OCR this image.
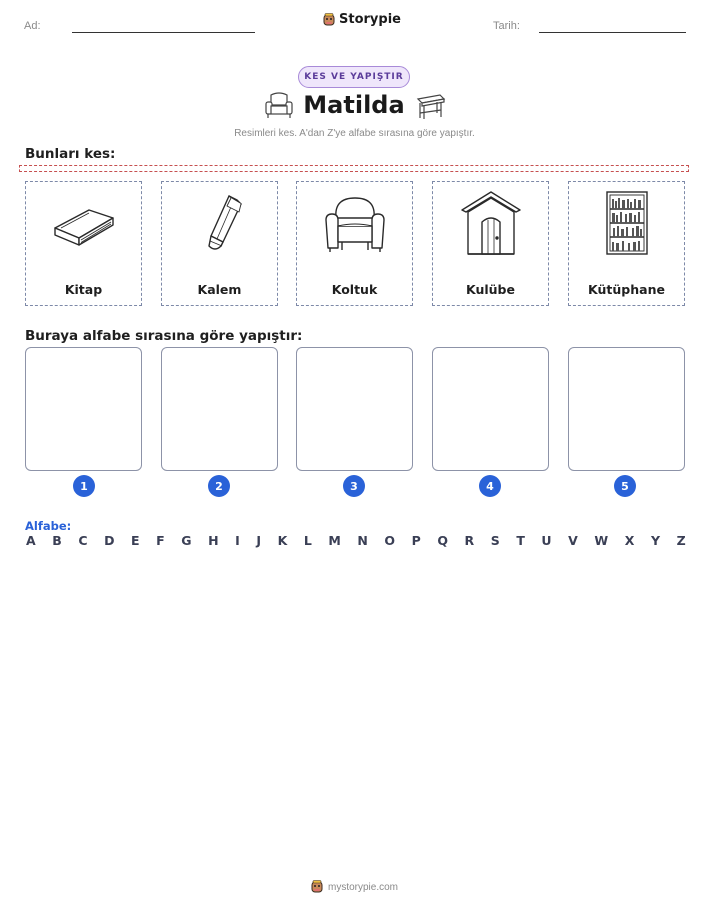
Ad:	Storypie	Tarih:
KES VE YAPIŞTIR
Matilda
Resimleri kes. A'dan Z'ye alfabe sırasına göre yapıştır.
Bunları kes:
Kitap	Kalem	Koltuk	Kulübe	Kütüphane
Buraya alfabe sırasına göre yapıştır:
1	2	3	4	5
Alfabe:
A B C D E F G H I J K L M N O P Q R S T U V W X Y Z
mystorypie.com
